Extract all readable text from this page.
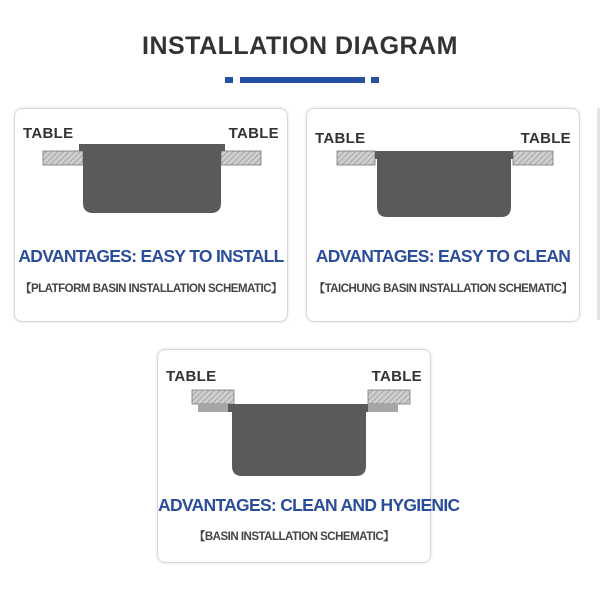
INSTALLATION DIAGRAM
TABLE	TABLE
ADVANTAGES: EASY TO INSTALL
【PLATFORM BASIN INSTALLATION SCHEMATIC】
TABLE	TABLE
ADVANTAGES: EASY TO CLEAN
【TAICHUNG BASIN INSTALLATION SCHEMATIC】
TABLE	TABLE
ADVANTAGES: CLEAN AND HYGIENIC
【BASIN INSTALLATION SCHEMATIC】
